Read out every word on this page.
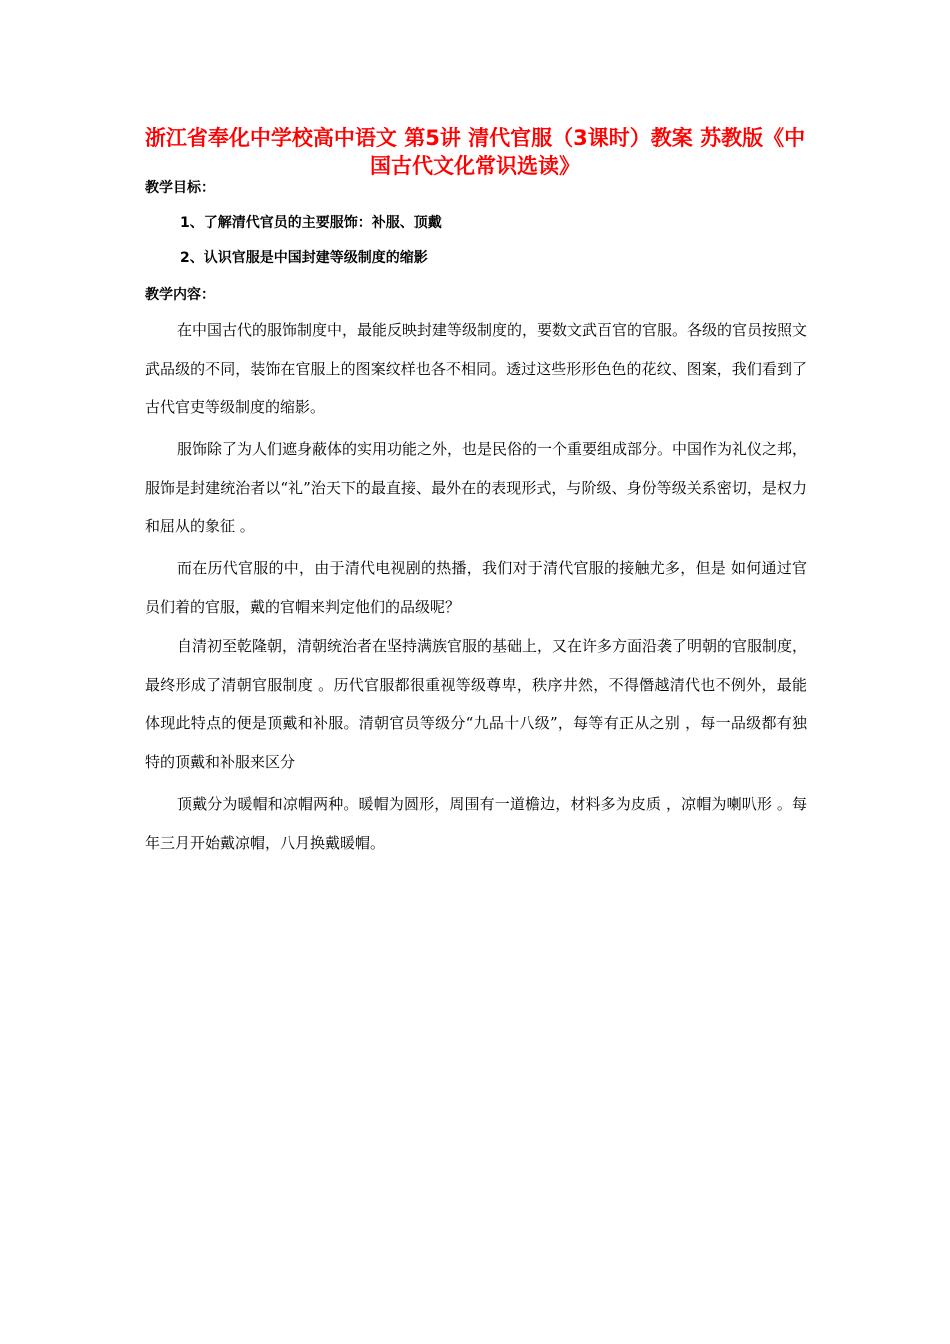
浙江省奉化中学校高中语文 第5讲 清代官服（3课时）教案 苏教版《中国古代文化常识选读》

教学目标：

1、了解清代官员的主要服饰：补服、顶戴

2、认识官服是中国封建等级制度的缩影

教学内容：

在中国古代的服饰制度中，最能反映封建等级制度的，要数文武百官的官服。各级的官员按照文武品级的不同，装饰在官服上的图案纹样也各不相同。透过这些形形色色的花纹、图案，我们看到了古代官吏等级制度的缩影。

服饰除了为人们遮身蔽体的实用功能之外，也是民俗的一个重要组成部分。中国作为礼仪之邦，服饰是封建统治者以“礼”治天下的最直接、最外在的表现形式，与阶级、身份等级关系密切，是权力和屈从的象征 。

而在历代官服的中，由于清代电视剧的热播，我们对于清代官服的接触尤多，但是 如何通过官员们着的官服，戴的官帽来判定他们的品级呢？

自清初至乾隆朝，清朝统治者在坚持满族官服的基础上，又在许多方面沿袭了明朝的官服制度，最终形成了清朝官服制度 。历代官服都很重视等级尊卑，秩序井然，不得僭越清代也不例外，最能体现此特点的便是顶戴和补服。清朝官员等级分“九品十八级”，每等有正从之别 ，每一品级都有独特的顶戴和补服来区分

顶戴分为暖帽和凉帽两种。暖帽为圆形，周围有一道檐边，材料多为皮质 ，凉帽为喇叭形 。每年三月开始戴凉帽，八月换戴暖帽。
